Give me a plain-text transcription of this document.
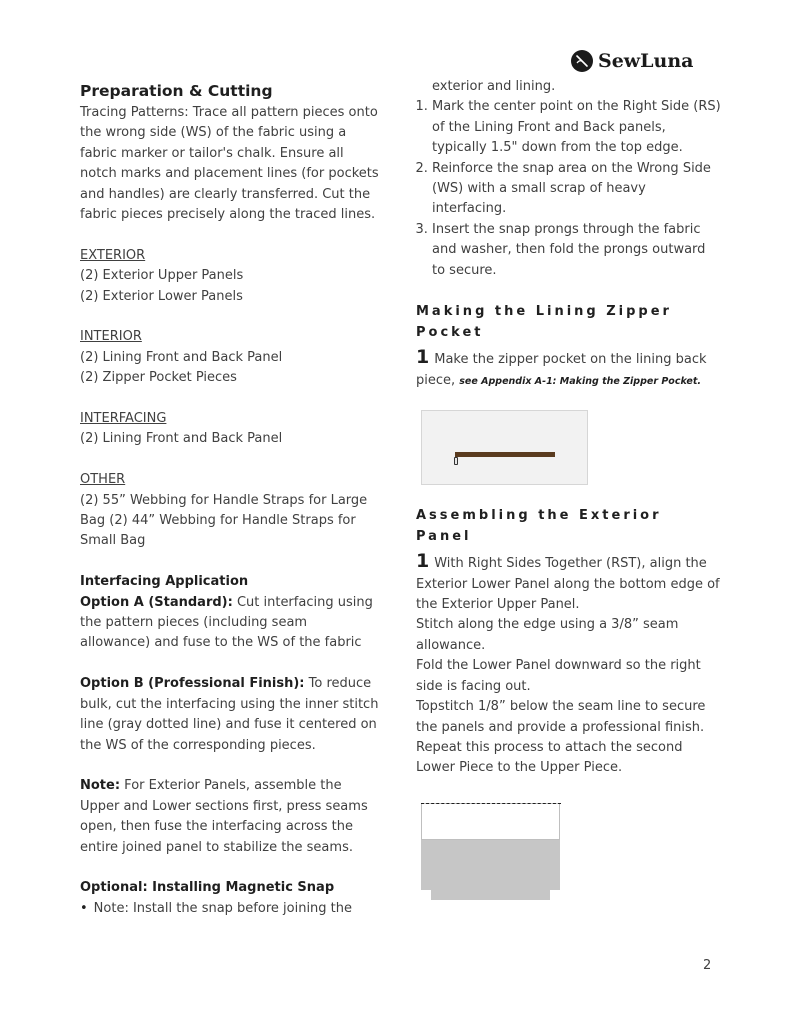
SewLuna
Preparation & Cutting
Tracing Patterns: Trace all pattern pieces onto the wrong side (WS) of the fabric using a fabric marker or tailor's chalk. Ensure all notch marks and placement lines (for pockets and handles) are clearly transferred. Cut the fabric pieces precisely along the traced lines.
EXTERIOR
(2) Exterior Upper Panels
(2) Exterior Lower Panels
INTERIOR
(2) Lining Front and Back Panel
(2) Zipper Pocket Pieces
INTERFACING
(2) Lining Front and Back Panel
OTHER
(2) 55” Webbing for Handle Straps for Large Bag (2) 44” Webbing for Handle Straps for Small Bag
Interfacing Application
Option A (Standard): Cut interfacing using the pattern pieces (including seam allowance) and fuse to the WS of the fabric
Option B (Professional Finish): To reduce bulk, cut the interfacing using the inner stitch line (gray dotted line) and fuse it centered on the WS of the corresponding pieces.
Note: For Exterior Panels, assemble the Upper and Lower sections first, press seams open, then fuse the interfacing across the entire joined panel to stabilize the seams.
Optional: Installing Magnetic Snap
• Note: Install the snap before joining the
exterior and lining.
1. Mark the center point on the Right Side (RS) of the Lining Front and Back panels, typically 1.5" down from the top edge.
2. Reinforce the snap area on the Wrong Side (WS) with a small scrap of heavy interfacing.
3. Insert the snap prongs through the fabric and washer, then fold the prongs outward to secure.
Making the Lining Zipper Pocket
1 Make the zipper pocket on the lining back piece, see Appendix A-1: Making the Zipper Pocket.
Assembling the Exterior Panel
1 With Right Sides Together (RST), align the Exterior Lower Panel along the bottom edge of the Exterior Upper Panel.
Stitch along the edge using a 3/8” seam allowance.
Fold the Lower Panel downward so the right side is facing out.
Topstitch 1/8” below the seam line to secure the panels and provide a professional finish.
Repeat this process to attach the second Lower Piece to the Upper Piece.
2
